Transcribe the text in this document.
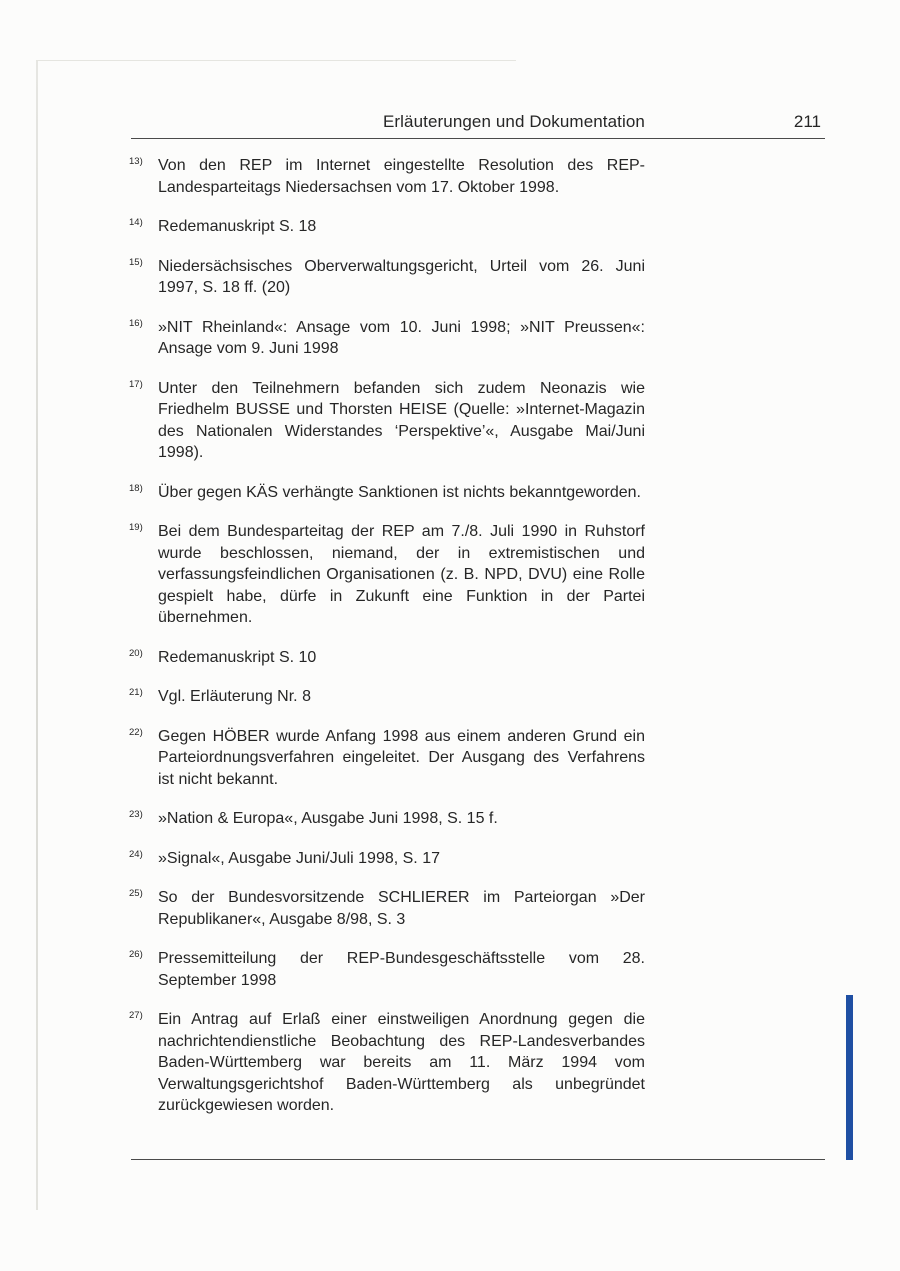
Erläuterungen und Dokumentation	211
13) Von den REP im Internet eingestellte Resolution des REP-Landesparteitags Niedersachsen vom 17. Oktober 1998.
14) Redemanuskript S. 18
15) Niedersächsisches Oberverwaltungsgericht, Urteil vom 26. Juni 1997, S. 18 ff. (20)
16) »NIT Rheinland«: Ansage vom 10. Juni 1998; »NIT Preussen«: Ansage vom 9. Juni 1998
17) Unter den Teilnehmern befanden sich zudem Neonazis wie Friedhelm BUSSE und Thorsten HEISE (Quelle: »Internet-Magazin des Nationalen Widerstandes ‘Perspektive’«, Ausgabe Mai/Juni 1998).
18) Über gegen KÄS verhängte Sanktionen ist nichts bekanntgeworden.
19) Bei dem Bundesparteitag der REP am 7./8. Juli 1990 in Ruhstorf wurde beschlossen, niemand, der in extremistischen und verfassungsfeindlichen Organisationen (z. B. NPD, DVU) eine Rolle gespielt habe, dürfe in Zukunft eine Funktion in der Partei übernehmen.
20) Redemanuskript S. 10
21) Vgl. Erläuterung Nr. 8
22) Gegen HÖBER wurde Anfang 1998 aus einem anderen Grund ein Parteiordnungsverfahren eingeleitet. Der Ausgang des Verfahrens ist nicht bekannt.
23) »Nation & Europa«, Ausgabe Juni 1998, S. 15 f.
24) »Signal«, Ausgabe Juni/Juli 1998, S. 17
25) So der Bundesvorsitzende SCHLIERER im Parteiorgan »Der Republikaner«, Ausgabe 8/98, S. 3
26) Pressemitteilung der REP-Bundesgeschäftsstelle vom 28. September 1998
27) Ein Antrag auf Erlaß einer einstweiligen Anordnung gegen die nachrichtendienstliche Beobachtung des REP-Landesverbandes Baden-Württemberg war bereits am 11. März 1994 vom Verwaltungsgerichtshof Baden-Württemberg als unbegründet zurückgewiesen worden.
